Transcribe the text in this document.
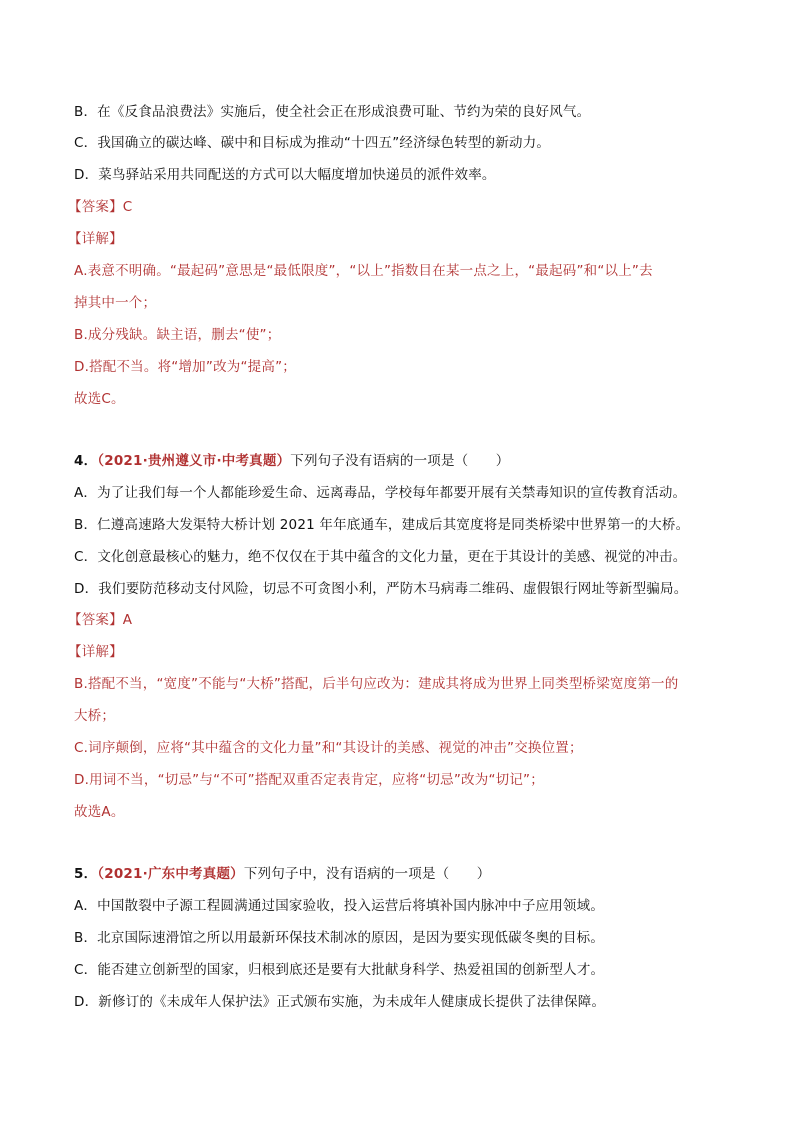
B．在《反食品浪费法》实施后，使全社会正在形成浪费可耻、节约为荣的良好风气。
C．我国确立的碳达峰、碳中和目标成为推动“十四五”经济绿色转型的新动力。
D．菜鸟驿站采用共同配送的方式可以大幅度增加快递员的派件效率。
【答案】C
【详解】
A.表意不明确。“最起码”意思是“最低限度”，“以上”指数目在某一点之上，“最起码”和“以上”去
掉其中一个；
B.成分残缺。缺主语，删去“使”；
D.搭配不当。将“增加”改为“提高”；
故选C。
4．（2021·贵州遵义市·中考真题）下列句子没有语病的一项是（　　）
A．为了让我们每一个人都能珍爱生命、远离毒品，学校每年都要开展有关禁毒知识的宣传教育活动。
B．仁遵高速路大发渠特大桥计划 2021 年年底通车，建成后其宽度将是同类桥梁中世界第一的大桥。
C．文化创意最核心的魅力，绝不仅仅在于其中蕴含的文化力量，更在于其设计的美感、视觉的冲击。
D．我们要防范移动支付风险，切忌不可贪图小利，严防木马病毒二维码、虚假银行网址等新型骗局。
【答案】A
【详解】
B.搭配不当，“宽度”不能与“大桥”搭配，后半句应改为：建成其将成为世界上同类型桥梁宽度第一的
大桥；
C.词序颠倒，应将“其中蕴含的文化力量”和“其设计的美感、视觉的冲击”交换位置；
D.用词不当，“切忌”与“不可”搭配双重否定表肯定，应将“切忌”改为“切记”；
故选A。
5．（2021·广东中考真题）下列句子中，没有语病的一项是（　　）
A．中国散裂中子源工程圆满通过国家验收，投入运营后将填补国内脉冲中子应用领域。
B．北京国际速滑馆之所以用最新环保技术制冰的原因，是因为要实现低碳冬奥的目标。
C．能否建立创新型的国家，归根到底还是要有大批献身科学、热爱祖国的创新型人才。
D．新修订的《未成年人保护法》正式颁布实施，为未成年人健康成长提供了法律保障。
